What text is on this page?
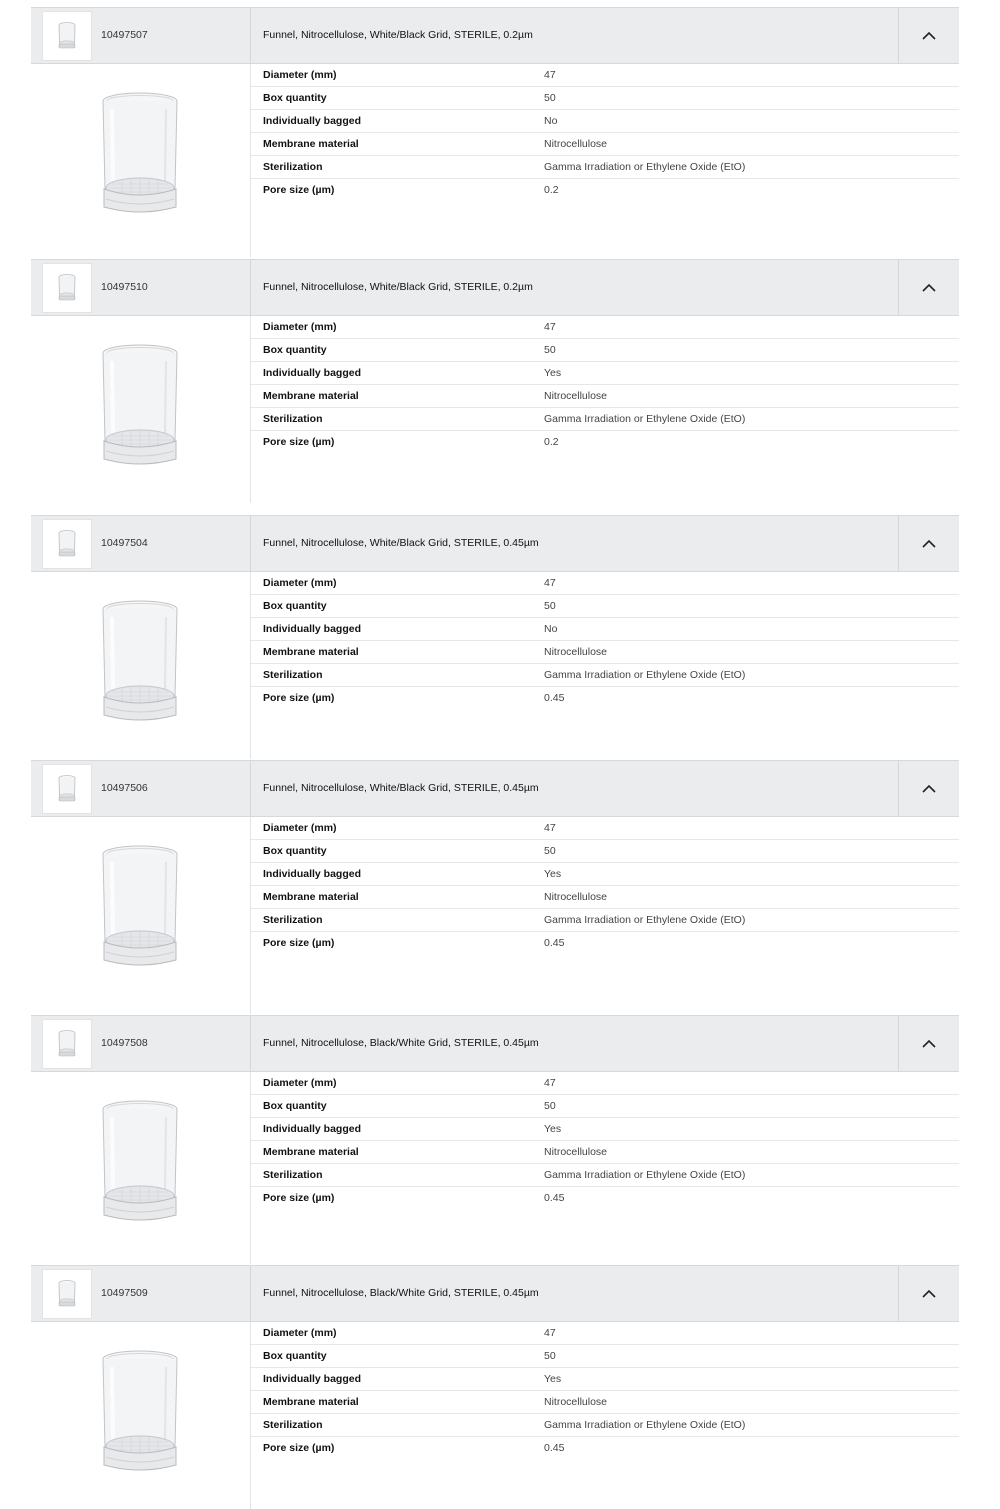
10497507	Funnel, Nitrocellulose, White/Black Grid, STERILE, 0.2µm
Diameter (mm)	47
Box quantity	50
Individually bagged	No
Membrane material	Nitrocellulose
Sterilization	Gamma Irradiation or Ethylene Oxide (EtO)
Pore size (µm)	0.2
10497510	Funnel, Nitrocellulose, White/Black Grid, STERILE, 0.2µm
Diameter (mm)	47
Box quantity	50
Individually bagged	Yes
Membrane material	Nitrocellulose
Sterilization	Gamma Irradiation or Ethylene Oxide (EtO)
Pore size (µm)	0.2
10497504	Funnel, Nitrocellulose, White/Black Grid, STERILE, 0.45µm
Diameter (mm)	47
Box quantity	50
Individually bagged	No
Membrane material	Nitrocellulose
Sterilization	Gamma Irradiation or Ethylene Oxide (EtO)
Pore size (µm)	0.45
10497506	Funnel, Nitrocellulose, White/Black Grid, STERILE, 0.45µm
Diameter (mm)	47
Box quantity	50
Individually bagged	Yes
Membrane material	Nitrocellulose
Sterilization	Gamma Irradiation or Ethylene Oxide (EtO)
Pore size (µm)	0.45
10497508	Funnel, Nitrocellulose, Black/White Grid, STERILE, 0.45µm
Diameter (mm)	47
Box quantity	50
Individually bagged	Yes
Membrane material	Nitrocellulose
Sterilization	Gamma Irradiation or Ethylene Oxide (EtO)
Pore size (µm)	0.45
10497509	Funnel, Nitrocellulose, Black/White Grid, STERILE, 0.45µm
Diameter (mm)	47
Box quantity	50
Individually bagged	Yes
Membrane material	Nitrocellulose
Sterilization	Gamma Irradiation or Ethylene Oxide (EtO)
Pore size (µm)	0.45
